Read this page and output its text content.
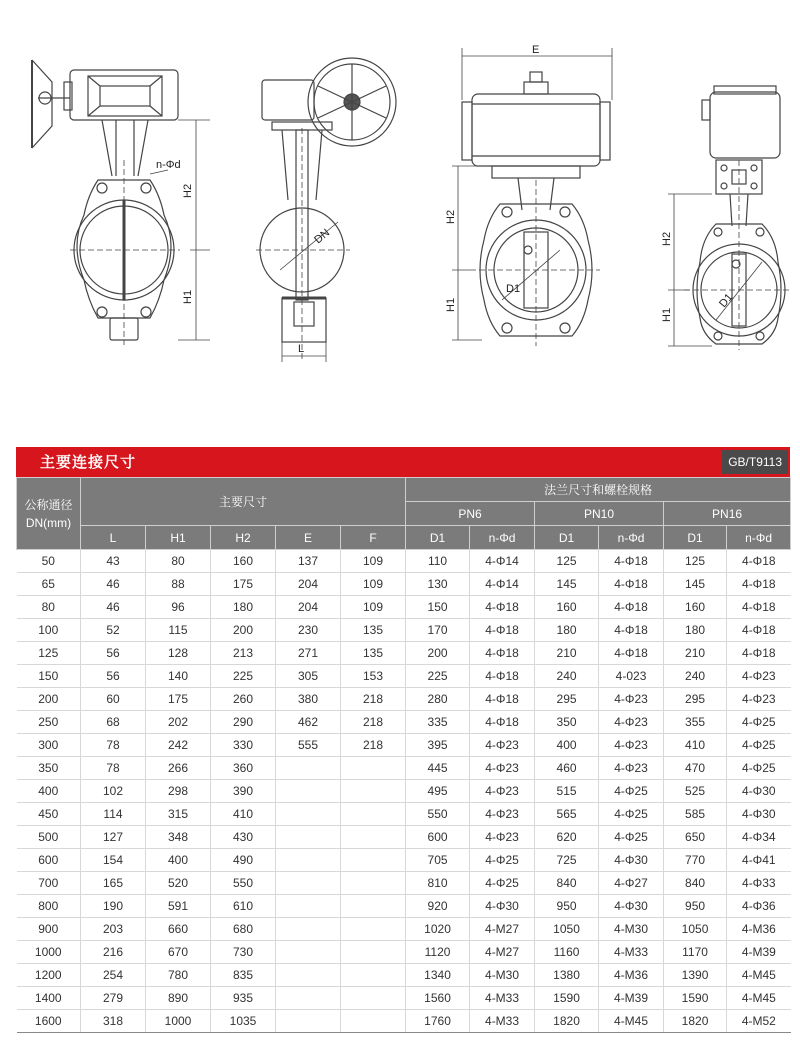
n-Φd
H2
H1
DN
L
E
D1
H2
H1	D1
H2
H1
主要连接尺寸	GB/T9113
公称通径
DN(mm)	主要尺寸					法兰尺寸和螺栓规格					
						PN6		PN10		PN16	
	L	H1	H2	E	F	D1	n-Φd	D1	n-Φd	D1	n-Φd
50	43	80	160	137	109	110	4-Φ14	125	4-Φ18	125	4-Φ18
65	46	88	175	204	109	130	4-Φ14	145	4-Φ18	145	4-Φ18
80	46	96	180	204	109	150	4-Φ18	160	4-Φ18	160	4-Φ18
100	52	115	200	230	135	170	4-Φ18	180	4-Φ18	180	4-Φ18
125	56	128	213	271	135	200	4-Φ18	210	4-Φ18	210	4-Φ18
150	56	140	225	305	153	225	4-Φ18	240	4-023	240	4-Φ23
200	60	175	260	380	218	280	4-Φ18	295	4-Φ23	295	4-Φ23
250	68	202	290	462	218	335	4-Φ18	350	4-Φ23	355	4-Φ25
300	78	242	330	555	218	395	4-Φ23	400	4-Φ23	410	4-Φ25
350	78	266	360			445	4-Φ23	460	4-Φ23	470	4-Φ25
400	102	298	390			495	4-Φ23	515	4-Φ25	525	4-Φ30
450	114	315	410			550	4-Φ23	565	4-Φ25	585	4-Φ30
500	127	348	430			600	4-Φ23	620	4-Φ25	650	4-Φ34
600	154	400	490			705	4-Φ25	725	4-Φ30	770	4-Φ41
700	165	520	550			810	4-Φ25	840	4-Φ27	840	4-Φ33
800	190	591	610			920	4-Φ30	950	4-Φ30	950	4-Φ36
900	203	660	680			1020	4-M27	1050	4-M30	1050	4-M36
1000	216	670	730			1120	4-M27	1160	4-M33	1170	4-M39
1200	254	780	835			1340	4-M30	1380	4-M36	1390	4-M45
1400	279	890	935			1560	4-M33	1590	4-M39	1590	4-M45
1600	318	1000	1035			1760	4-M33	1820	4-M45	1820	4-M52
